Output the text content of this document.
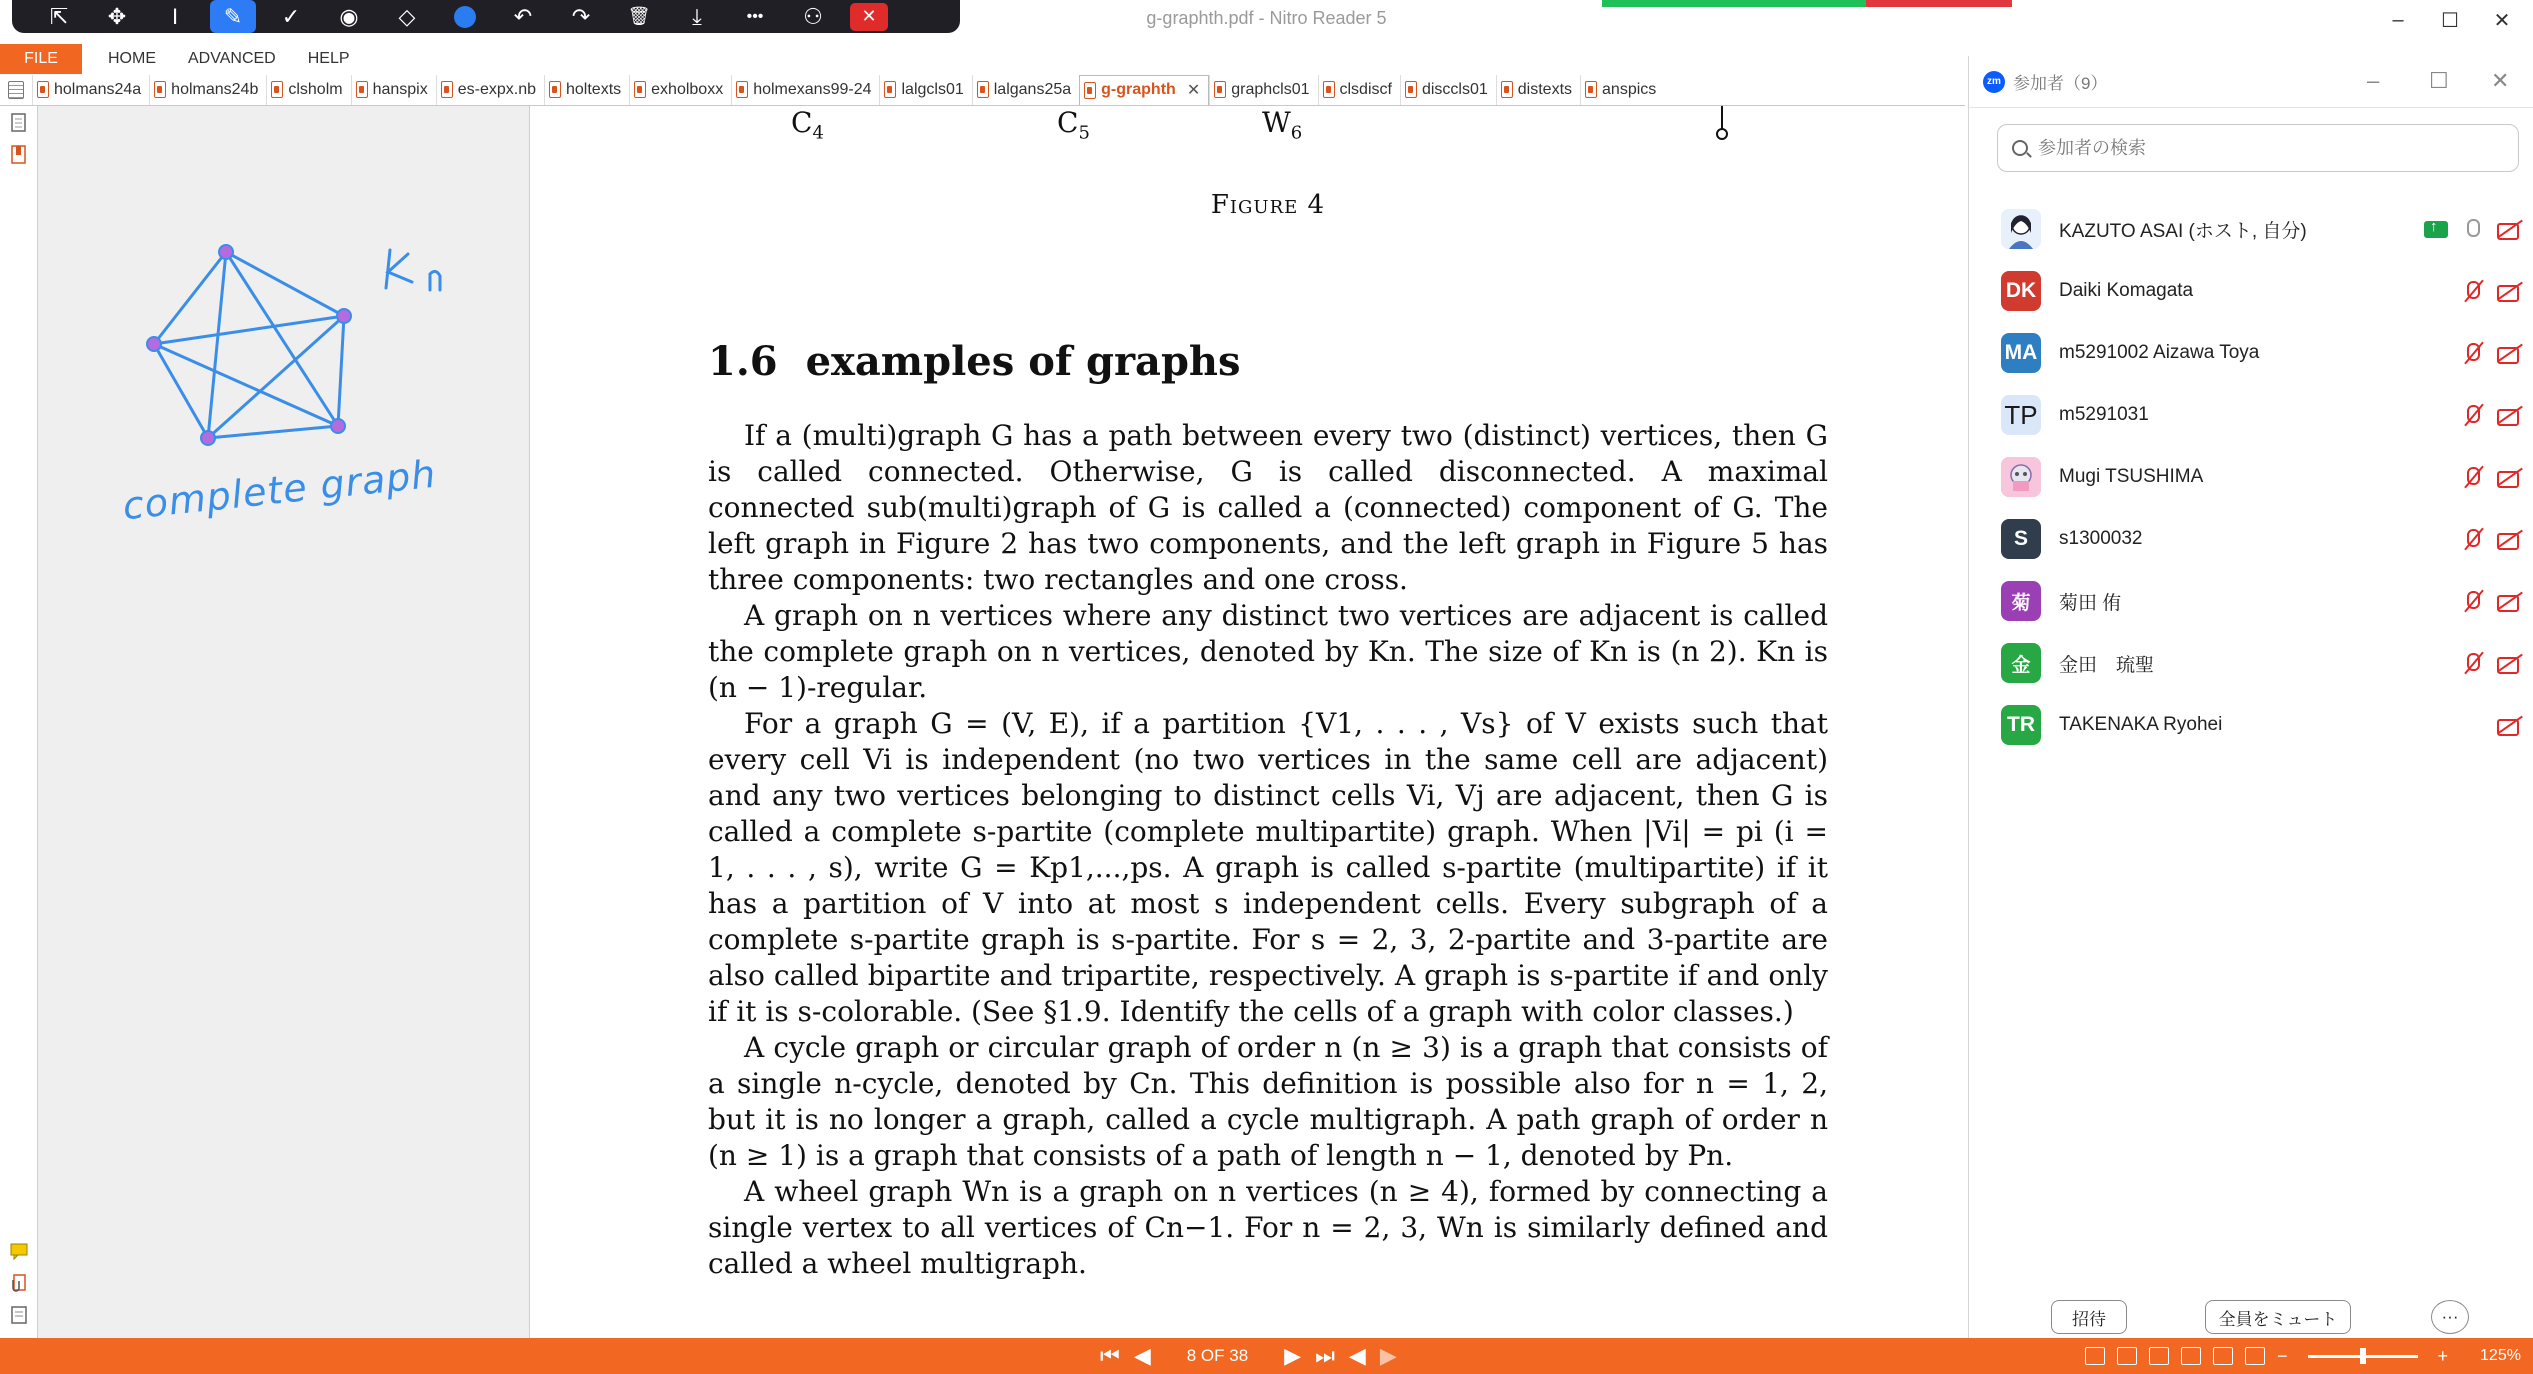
g-graphth.pdf - Nitro Reader 5	–	☐	✕
⇱	✥	I	✎	✓	◉	◇	↶	↷	🗑	⤓	•••	⚇	✕
FILE	HOME	ADVANCED	HELP
holmans24a holmans24b clsholm hanspix es-expx.nb holtexts exholboxx holmexans99-24 lalgcls01 lalgans25a g-graphth ✕ graphcls01 clsdiscf disccls01 distexts anspics
complete graph
$C_4$	$C_5$	$W_6$
Figure 4
1.6 examples of graphs

If a (multi)graph G has a path between every two (distinct) vertices, then G is called connected. Otherwise, G is called disconnected. A maximal connected sub(multi)graph of G is called a (connected) component of G. The left graph in Figure 2 has two components, and the left graph in Figure 5 has three components: two rectangles and one cross.

A graph on n vertices where any distinct two vertices are adjacent is called the complete graph on n vertices, denoted by Kn. The size of Kn is (n 2). Kn is (n − 1)-regular.

For a graph G = (V, E), if a partition {V1, . . . , Vs} of V exists such that every cell Vi is independent (no two vertices in the same cell are adjacent) and any two vertices belonging to distinct cells Vi, Vj are adjacent, then G is called a complete s-partite (complete multipartite) graph. When |Vi| = pi (i = 1, . . . , s), write G = Kp1,...,ps. A graph is called s-partite (multipartite) if it has a partition of V into at most s independent cells. Every subgraph of a complete s-partite graph is s-partite. For s = 2, 3, 2-partite and 3-partite are also called bipartite and tripartite, respectively. A graph is s-partite if and only if it is s-colorable. (See §1.9. Identify the cells of a graph with color classes.)

A cycle graph or circular graph of order n (n ≥ 3) is a graph that consists of a single n-cycle, denoted by Cn. This definition is possible also for n = 1, 2, but it is no longer a graph, called a cycle multigraph. A path graph of order n (n ≥ 1) is a graph that consists of a path of length n − 1, denoted by Pn.

A wheel graph Wn is a graph on n vertices (n ≥ 4), formed by connecting a single vertex to all vertices of Cn−1. For n = 2, 3, Wn is similarly defined and called a wheel multigraph.

zm 参加者（9）	– ☐ ✕
参加者の検索
KAZUTO ASAI (ホスト, 自分)
↑
DK Daiki Komagata
MA m5291002 Aizawa Toya
TP m5291031
Mugi TSUSHIMA
S	s1300032
菊	菊田 侑
金	金田　琉聖
TR	TAKENAKA Ryohei
招待	全員をミュート	···
⏮ ◀ 8 OF 38 ▶ ⏭ ◀ ▶	−	+ 125%
